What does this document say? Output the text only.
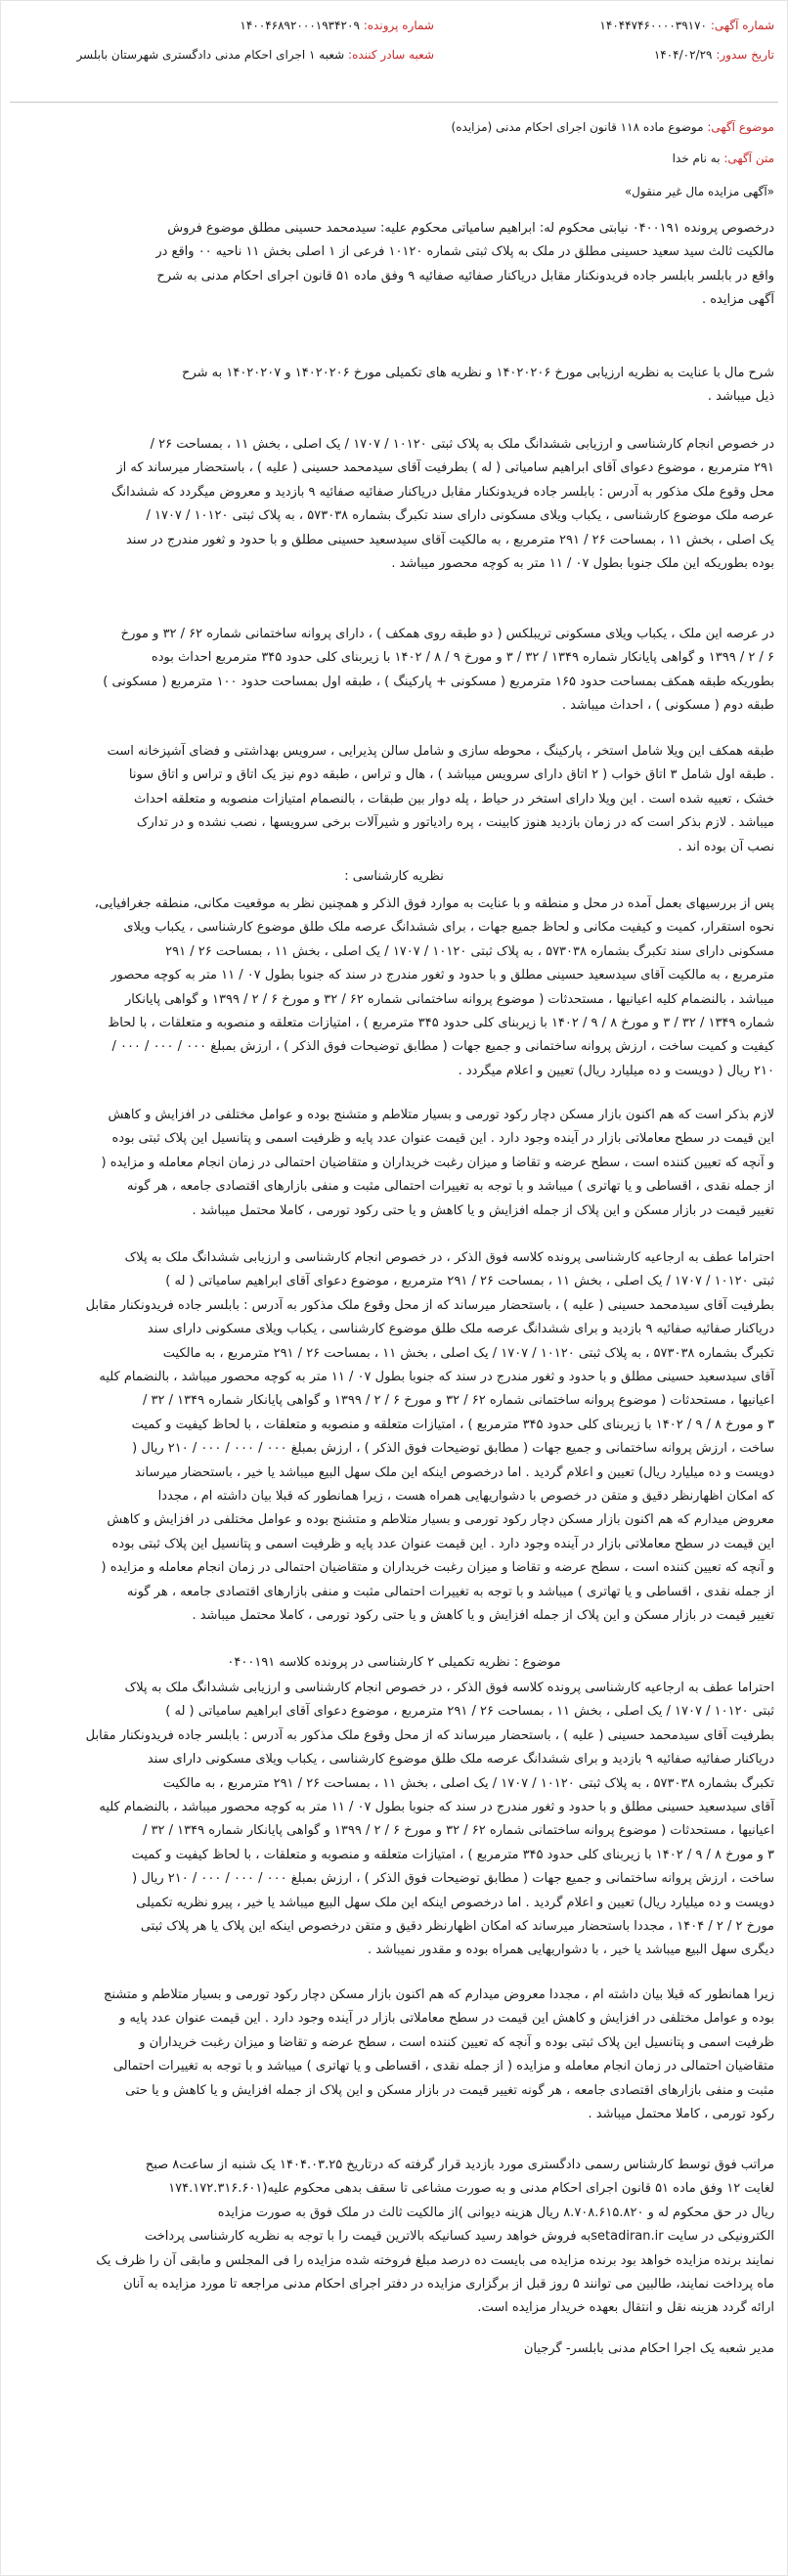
شماره آگهی: ۱۴۰۴۴۷۴۶۰۰۰۰۳۹۱۷۰
شماره پرونده: ۱۴۰۰۴۶۸۹۲۰۰۰۱۹۳۴۲۰۹
تاریخ سدور: ۱۴۰۴/۰۲/۲۹
شعبه سادر کننده: شعبه ۱ اجرای احکام مدنی دادگستری شهرستان بابلسر
موضوع آگهی: موضوع ماده ۱۱۸ قانون اجرای احکام مدنی (مزایده)
متن آگهی: به نام خدا
«آگهی مزایده مال غیر منقول»

درخصوص پرونده ۰۴۰۰۱۹۱ نیابتی محکوم له: ابراهیم سامیاتی محکوم علیه: سیدمحمد حسینی مطلق موضوع فروش

مالکیت ثالث سید سعید حسینی مطلق در ملک به پلاک ثبتی شماره ۱۰۱۲۰ فرعی از ۱ اصلی بخش ۱۱ ناحیه ۰۰ واقع در

واقع در بابلسر بابلسر جاده فریدونکنار مقابل دریاکنار صفائیه صفائیه ۹ وفق ماده ۵۱ قانون اجرای احکام مدنی به شرح

آگهی مزایده .

شرح مال با عنایت به نظریه ارزیابی مورخ ۱۴۰۲۰۲۰۶ و نظریه های تکمیلی مورخ ۱۴۰۲۰۲۰۶ و ۱۴۰۲۰۲۰۷ به شرح

ذیل میباشد .

در خصوص انجام کارشناسی و ارزیابی ششدانگ ملک به پلاک ثبتی ۱۰۱۲۰ / ۱۷۰۷ / یک اصلی ، بخش ۱۱ ، بمساحت ۲۶ /

۲۹۱ مترمربع ، موضوع دعوای آقای ابراهیم سامیاتی ( له ) بطرفیت آقای سیدمحمد حسینی ( علیه ) ، باستحضار میرساند که از

محل وقوع ملک مذکور به آدرس : بابلسر جاده فریدونکنار مقابل دریاکنار صفائیه صفائیه ۹ بازدید و معروض میگردد که ششدانگ

عرصه ملک موضوع کارشناسی ، یکباب ویلای مسکونی دارای سند تکبرگ بشماره ۵۷۳۰۳۸ ، به پلاک ثبتی ۱۰۱۲۰ / ۱۷۰۷ /

یک اصلی ، بخش ۱۱ ، بمساحت ۲۶ / ۲۹۱ مترمربع ، به مالکیت آقای سیدسعید حسینی مطلق و با حدود و ثغور مندرج در سند

بوده بطوریکه این ملک جنوبا بطول ۰۷ / ۱۱ متر به کوچه محصور میباشد .

در عرصه این ملک ، یکباب ویلای مسکونی تریبلکس ( دو طبقه روی همکف ) ، دارای پروانه ساختمانی شماره ۶۲ / ۳۲ و مورخ

۶ / ۲ / ۱۳۹۹ و گواهی پایانکار شماره ۱۳۴۹ / ۳۲ / ۳ و مورخ ۹ / ۸ / ۱۴۰۲ با زیربنای کلی حدود ۳۴۵ مترمربع احداث بوده

بطوریکه طبقه همکف بمساحت حدود ۱۶۵ مترمربع ( مسکونی + پارکینگ ) ، طبقه اول بمساحت حدود ۱۰۰ مترمربع ( مسکونی )

طبقه دوم ( مسکونی ) ، احداث میباشد .

طبقه همکف این ویلا شامل استخر ، پارکینگ ، محوطه سازی و شامل سالن پذیرایی ، سرویس بهداشتی و فضای آشپزخانه است

. طبقه اول شامل ۳ اتاق خواب ( ۲ اتاق دارای سرویس میباشد ) ، هال و تراس ، طبقه دوم نیز یک اتاق و تراس و اتاق سونا

خشک ، تعبیه شده است . این ویلا دارای استخر در حیاط ، پله دوار بین طبقات ، بالنصمام امتیازات منصوبه و متعلقه احداث

میباشد . لازم بذکر است که در زمان بازدید هنوز کابینت ، پره رادیاتور و شیرآلات برخی سرویسها ، نصب نشده و در تدارک

نصب آن بوده اند .

نظریه کارشناسی :

پس از بررسیهای بعمل آمده در محل و منطقه و با عنایت به موارد فوق الذکر و همچنین نظر به موقعیت مکانی، منطقه جغرافیایی،

نحوه استقرار، کمیت و کیفیت مکانی و لحاظ جمیع جهات ، برای ششدانگ عرصه ملک طلق موضوع کارشناسی ، یکباب ویلای

مسکونی دارای سند تکبرگ بشماره ۵۷۳۰۳۸ ، به پلاک ثبتی ۱۰۱۲۰ / ۱۷۰۷ / یک اصلی ، بخش ۱۱ ، بمساحت ۲۶ / ۲۹۱

مترمربع ، به مالکیت آقای سیدسعید حسینی مطلق و با حدود و ثغور مندرج در سند که جنوبا بطول ۰۷ / ۱۱ متر به کوچه محصور

میباشد ، بالنضمام کلیه اعیانیها ، مستحدثات ( موضوع پروانه ساختمانی شماره ۶۲ / ۳۲ و مورخ ۶ / ۲ / ۱۳۹۹ و گواهی پایانکار

شماره ۱۳۴۹ / ۳۲ / ۳ و مورخ ۸ / ۹ / ۱۴۰۲ با زیربنای کلی حدود ۳۴۵ مترمربع ) ، امتیازات متعلقه و منصوبه و متعلقات ، با لحاظ

کیفیت و کمیت ساخت ، ارزش پروانه ساختمانی و جمیع جهات ( مطابق توضیحات فوق الذکر ) ، ارزش بمبلغ ۰۰۰ / ۰۰۰ / ۰۰۰ /

۲۱۰ ریال ( دویست و ده میلیارد ریال) تعیین و اعلام میگردد .

لازم بذکر است که هم اکنون بازار مسکن دچار رکود تورمی و بسیار متلاطم و متشنج بوده و عوامل مختلفی در افزایش و کاهش

این قیمت در سطح معاملاتی بازار در آینده وجود دارد . این قیمت عنوان عدد پایه و ظرفیت اسمی و پتانسیل این پلاک ثبتی بوده

و آنچه که تعیین کننده است ، سطح عرضه و تقاضا و میزان رغبت خریداران و متقاضیان احتمالی در زمان انجام معامله و مزایده (

از جمله نقدی ، اقساطی و یا تهاتری ) میباشد و با توجه به تغییرات احتمالی مثبت و منفی بازارهای اقتصادی جامعه ، هر گونه

تغییر قیمت در بازار مسکن و این پلاک از جمله افزایش و یا کاهش و یا حتی رکود تورمی ، کاملا محتمل میباشد .

احتراما عطف به ارجاعیه کارشناسی پرونده کلاسه فوق الذکر ، در خصوص انجام کارشناسی و ارزیابی ششدانگ ملک به پلاک

ثبتی ۱۰۱۲۰ / ۱۷۰۷ / یک اصلی ، بخش ۱۱ ، بمساحت ۲۶ / ۲۹۱ مترمربع ، موضوع دعوای آقای ابراهیم سامیاتی ( له )

بطرفیت آقای سیدمحمد حسینی ( علیه ) ، باستحضار میرساند که از محل وقوع ملک مذکور به آدرس : بابلسر جاده فریدونکنار مقابل

دریاکنار صفائیه صفائیه ۹ بازدید و برای ششدانگ عرصه ملک طلق موضوع کارشناسی ، یکباب ویلای مسکونی دارای سند

تکبرگ بشماره ۵۷۳۰۳۸ ، به پلاک ثبتی ۱۰۱۲۰ / ۱۷۰۷ / یک اصلی ، بخش ۱۱ ، بمساحت ۲۶ / ۲۹۱ مترمربع ، به مالکیت

آقای سیدسعید حسینی مطلق و با حدود و ثغور مندرج در سند که جنوبا بطول ۰۷ / ۱۱ متر به کوچه محصور میباشد ، بالنضمام کلیه

اعیانیها ، مستحدثات ( موضوع پروانه ساختمانی شماره ۶۲ / ۳۲ و مورخ ۶ / ۲ / ۱۳۹۹ و گواهی پایانکار شماره ۱۳۴۹ / ۳۲ /

۳ و مورخ ۸ / ۹ / ۱۴۰۲ با زیربنای کلی حدود ۳۴۵ مترمربع ) ، امتیازات متعلقه و منصوبه و متعلقات ، با لحاظ کیفیت و کمیت

ساخت ، ارزش پروانه ساختمانی و جمیع جهات ( مطابق توضیحات فوق الذکر ) ، ارزش بمبلغ ۰۰۰ / ۰۰۰ / ۰۰۰ / ۲۱۰ ریال (

دویست و ده میلیارد ریال) تعیین و اعلام گردید . اما درخصوص اینکه این ملک سهل البیع میباشد یا خیر ، باستحضار میرساند

که امکان اظهارنظر دقیق و متقن در خصوص با دشواریهایی همراه هست ، زیرا همانطور که قبلا بیان داشته ام ، مجددا

معروض میدارم که هم اکنون بازار مسکن دچار رکود تورمی و بسیار متلاطم و متشنج بوده و عوامل مختلفی در افزایش و کاهش

این قیمت در سطح معاملاتی بازار در آینده وجود دارد . این قیمت عنوان عدد پایه و ظرفیت اسمی و پتانسیل این پلاک ثبتی بوده

و آنچه که تعیین کننده است ، سطح عرضه و تقاضا و میزان رغبت خریداران و متقاضیان احتمالی در زمان انجام معامله و مزایده (

از جمله نقدی ، اقساطی و یا تهاتری ) میباشد و با توجه به تغییرات احتمالی مثبت و منفی بازارهای اقتصادی جامعه ، هر گونه

تغییر قیمت در بازار مسکن و این پلاک از جمله افزایش و یا کاهش و یا حتی رکود تورمی ، کاملا محتمل میباشد .

موضوع : نظریه تکمیلی ۲ کارشناسی در پرونده کلاسه ۰۴۰۰۱۹۱

احتراما عطف به ارجاعیه کارشناسی پرونده کلاسه فوق الذکر ، در خصوص انجام کارشناسی و ارزیابی ششدانگ ملک به پلاک

ثبتی ۱۰۱۲۰ / ۱۷۰۷ / یک اصلی ، بخش ۱۱ ، بمساحت ۲۶ / ۲۹۱ مترمربع ، موضوع دعوای آقای ابراهیم سامیاتی ( له )

بطرفیت آقای سیدمحمد حسینی ( علیه ) ، باستحضار میرساند که از محل وقوع ملک مذکور به آدرس : بابلسر جاده فریدونکنار مقابل

دریاکنار صفائیه صفائیه ۹ بازدید و برای ششدانگ عرصه ملک طلق موضوع کارشناسی ، یکباب ویلای مسکونی دارای سند

تکبرگ بشماره ۵۷۳۰۳۸ ، به پلاک ثبتی ۱۰۱۲۰ / ۱۷۰۷ / یک اصلی ، بخش ۱۱ ، بمساحت ۲۶ / ۲۹۱ مترمربع ، به مالکیت

آقای سیدسعید حسینی مطلق و با حدود و ثغور مندرج در سند که جنوبا بطول ۰۷ / ۱۱ متر به کوچه محصور میباشد ، بالنضمام کلیه

اعیانیها ، مستحدثات ( موضوع پروانه ساختمانی شماره ۶۲ / ۳۲ و مورخ ۶ / ۲ / ۱۳۹۹ و گواهی پایانکار شماره ۱۳۴۹ / ۳۲ /

۳ و مورخ ۸ / ۹ / ۱۴۰۲ با زیربنای کلی حدود ۳۴۵ مترمربع ) ، امتیازات متعلقه و منصوبه و متعلقات ، با لحاظ کیفیت و کمیت

ساخت ، ارزش پروانه ساختمانی و جمیع جهات ( مطابق توضیحات فوق الذکر ) ، ارزش بمبلغ ۰۰۰ / ۰۰۰ / ۰۰۰ / ۲۱۰ ریال (

دویست و ده میلیارد ریال) تعیین و اعلام گردید . اما درخصوص اینکه این ملک سهل البیع میباشد یا خیر ، پیرو نظریه تکمیلی

مورخ ۲ / ۲ / ۱۴۰۴ ، مجددا باستحضار میرساند که امکان اظهارنظر دقیق و متقن درخصوص اینکه این پلاک یا هر پلاک ثبتی

دیگری سهل البیع میباشد یا خیر ، با دشواریهایی همراه بوده و مقدور نمیباشد .

زیرا همانطور که قبلا بیان داشته ام ، مجددا معروض میدارم که هم اکنون بازار مسکن دچار رکود تورمی و بسیار متلاطم و متشنج

بوده و عوامل مختلفی در افزایش و کاهش این قیمت در سطح معاملاتی بازار در آینده وجود دارد . این قیمت عنوان عدد پایه و

ظرفیت اسمی و پتانسیل این پلاک ثبتی بوده و آنچه که تعیین کننده است ، سطح عرضه و تقاضا و میزان رغبت خریداران و

متقاضیان احتمالی در زمان انجام معامله و مزایده ( از جمله نقدی ، اقساطی و یا تهاتری ) میباشد و با توجه به تغییرات احتمالی

مثبت و منفی بازارهای اقتصادی جامعه ، هر گونه تغییر قیمت در بازار مسکن و این پلاک از جمله افزایش و یا کاهش و یا حتی

رکود تورمی ، کاملا محتمل میباشد .

مراتب فوق توسط کارشناس رسمی دادگستری مورد بازدید قرار گرفته که درتاریخ ۱۴۰۴.۰۳.۲۵ یک شنبه از ساعت۸ صبح

لغایت ۱۲ وفق ماده ۵۱ قانون اجرای احکام مدنی و به صورت مشاعی تا سقف بدهی محکوم علیه(۱۷۴.۱۷۲.۳۱۶.۶۰۱

ریال در حق محکوم له و ۸.۷۰۸.۶۱۵.۸۲۰ ریال هزینه دیوانی )از مالکیت ثالث در ملک فوق به صورت مزایده

الکترونیکی در سایت setadiran.irبه فروش خواهد رسید کسانیکه بالاترین قیمت را با توجه به نظریه کارشناسی پرداخت

نمایند برنده مزایده خواهد بود برنده مزایده می بایست ده درصد مبلغ فروخته شده مزایده را فی المجلس و مابقی آن را ظرف یک

ماه پرداخت نمایند، طالبین می توانند ۵ روز قبل از برگزاری مزایده در دفتر اجرای احکام مدنی مراجعه تا مورد مزایده به آنان

ارائه گردد هزینه نقل و انتقال بعهده خریدار مزایده است.

مدیر شعبه یک اجرا احکام مدنی بابلسر- گرجیان
